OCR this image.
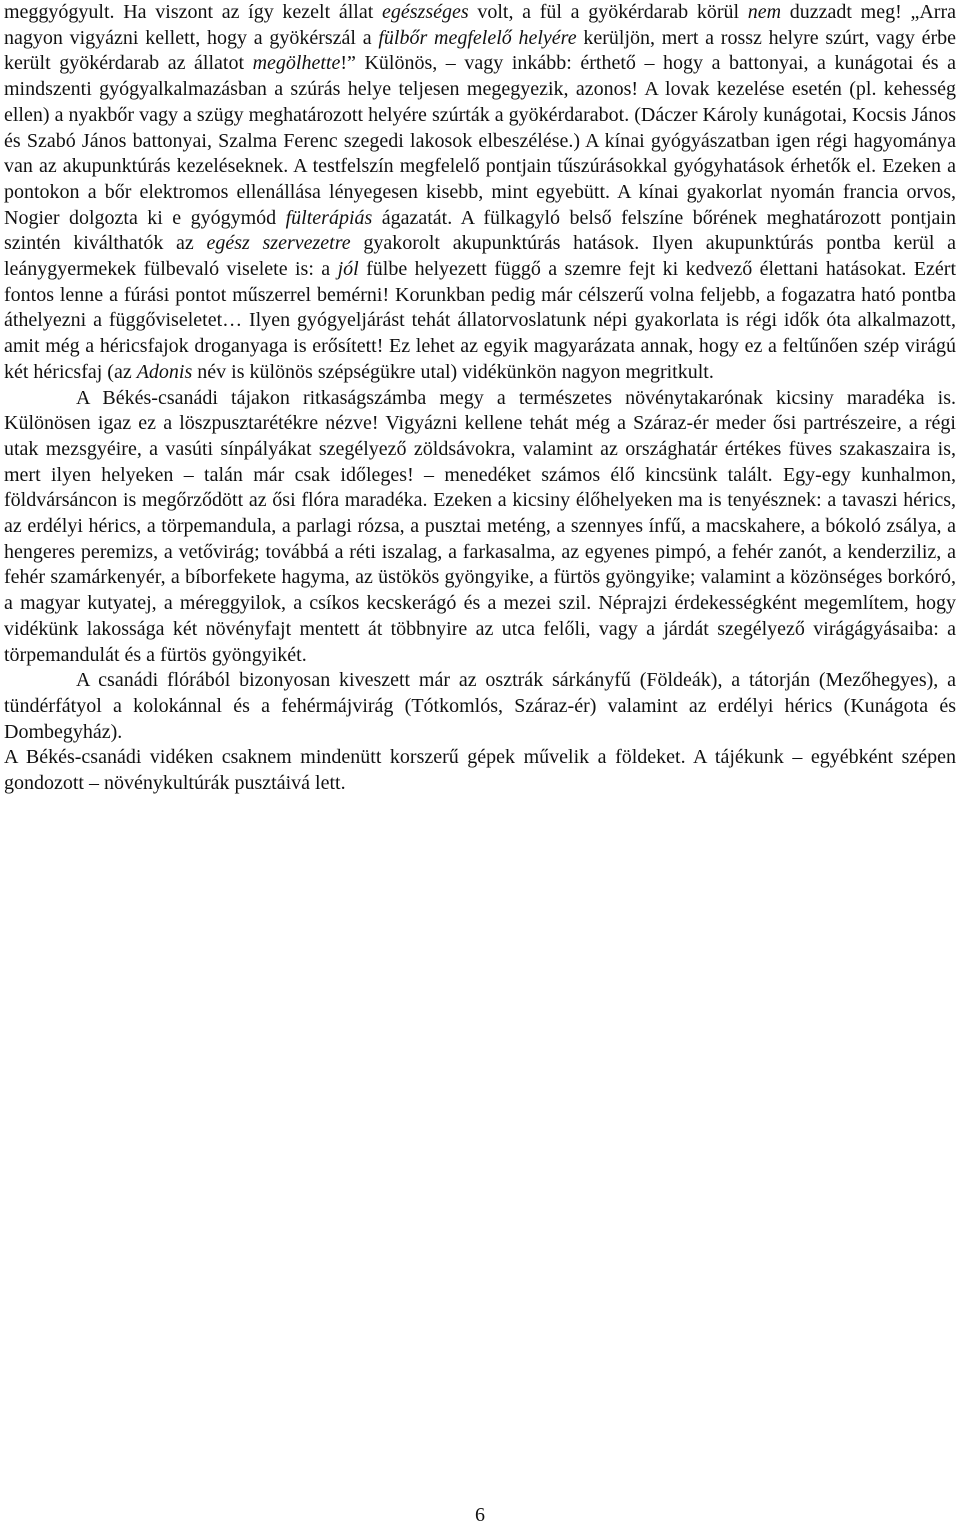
meggyógyult. Ha viszont az így kezelt állat egészséges volt, a fül a gyökérdarab körül nem duzzadt meg! „Arra nagyon vigyázni kellett, hogy a gyökérszál a fülbőr megfelelő helyére kerüljön, mert a rossz helyre szúrt, vagy érbe került gyökérdarab az állatot megölhette!” Különös, – vagy inkább: érthető – hogy a battonyai, a kunágotai és a mindszenti gyógyalkalmazásban a szúrás helye teljesen megegyezik, azonos! A lovak kezelése esetén (pl. kehesség ellen) a nyakbőr vagy a szügy meghatározott helyére szúrták a gyökérdarabot. (Dáczer Károly kunágotai, Kocsis János és Szabó János battonyai, Szalma Ferenc szegedi lakosok elbeszélése.) A kínai gyógyászatban igen régi hagyománya van az akupunktúrás kezeléseknek. A testfelszín megfelelő pontjain tűszúrásokkal gyógyhatások érhetők el. Ezeken a pontokon a bőr elektromos ellenállása lényegesen kisebb, mint egyebütt. A kínai gyakorlat nyomán francia orvos, Nogier dolgozta ki e gyógymód fülterápiás ágazatát. A fülkagyló belső felszíne bőrének meghatározott pontjain szintén kiválthatók az egész szervezetre gyakorolt akupunktúrás hatások. Ilyen akupunktúrás pontba kerül a leánygyermekek fülbevaló viselete is: a jól fülbe helyezett függő a szemre fejt ki kedvező élettani hatásokat. Ezért fontos lenne a fúrási pontot műszerrel bemérni! Korunkban pedig már célszerű volna feljebb, a fogazatra ható pontba áthelyezni a függőviseletet… Ilyen gyógyeljárást tehát állatorvoslatunk népi gyakorlata is régi idők óta alkalmazott, amit még a héricsfajok droganyaga is erősített! Ez lehet az egyik magyarázata annak, hogy ez a feltűnően szép virágú két héricsfaj (az Adonis név is különös szépségükre utal) vidékünkön nagyon megritkult.

A Békés-csanádi tájakon ritkaságszámba megy a természetes növénytakarónak kicsiny maradéka is. Különösen igaz ez a löszpusztarétékre nézve! Vigyázni kellene tehát még a Száraz-ér meder ősi partrészeire, a régi utak mezsgyéire, a vasúti sínpályákat szegélyező zöldsávokra, valamint az országhatár értékes füves szakaszaira is, mert ilyen helyeken – talán már csak időleges! – menedéket számos élő kincsünk talált. Egy-egy kunhalmon, földvársáncon is megőrződött az ősi flóra maradéka. Ezeken a kicsiny élőhelyeken ma is tenyésznek: a tavaszi hérics, az erdélyi hérics, a törpemandula, a parlagi rózsa, a pusztai meténg, a szennyes ínfű, a macskahere, a bókoló zsálya, a hengeres peremizs, a vetővirág; továbbá a réti iszalag, a farkasalma, az egyenes pimpó, a fehér zanót, a kenderziliz, a fehér szamárkenyér, a bíborfekete hagyma, az üstökös gyöngyike, a fürtös gyöngyike; valamint a közönséges borkóró, a magyar kutyatej, a méreggyilok, a csíkos kecskerágó és a mezei szil. Néprajzi érdekességként megemlítem, hogy vidékünk lakossága két növényfajt mentett át többnyire az utca felőli, vagy a járdát szegélyező virágágyásaiba: a törpemandulát és a fürtös gyöngyikét.

A csanádi flórából bizonyosan kiveszett már az osztrák sárkányfű (Földeák), a tátorján (Mezőhegyes), a tündérfátyol a kolokánnal és a fehérmájvirág (Tótkomlós, Száraz-ér) valamint az erdélyi hérics (Kunágota és Dombegyház).

A Békés-csanádi vidéken csaknem mindenütt korszerű gépek művelik a földeket. A tájékunk – egyébként szépen gondozott – növénykultúrák pusztáivá lett.

6
